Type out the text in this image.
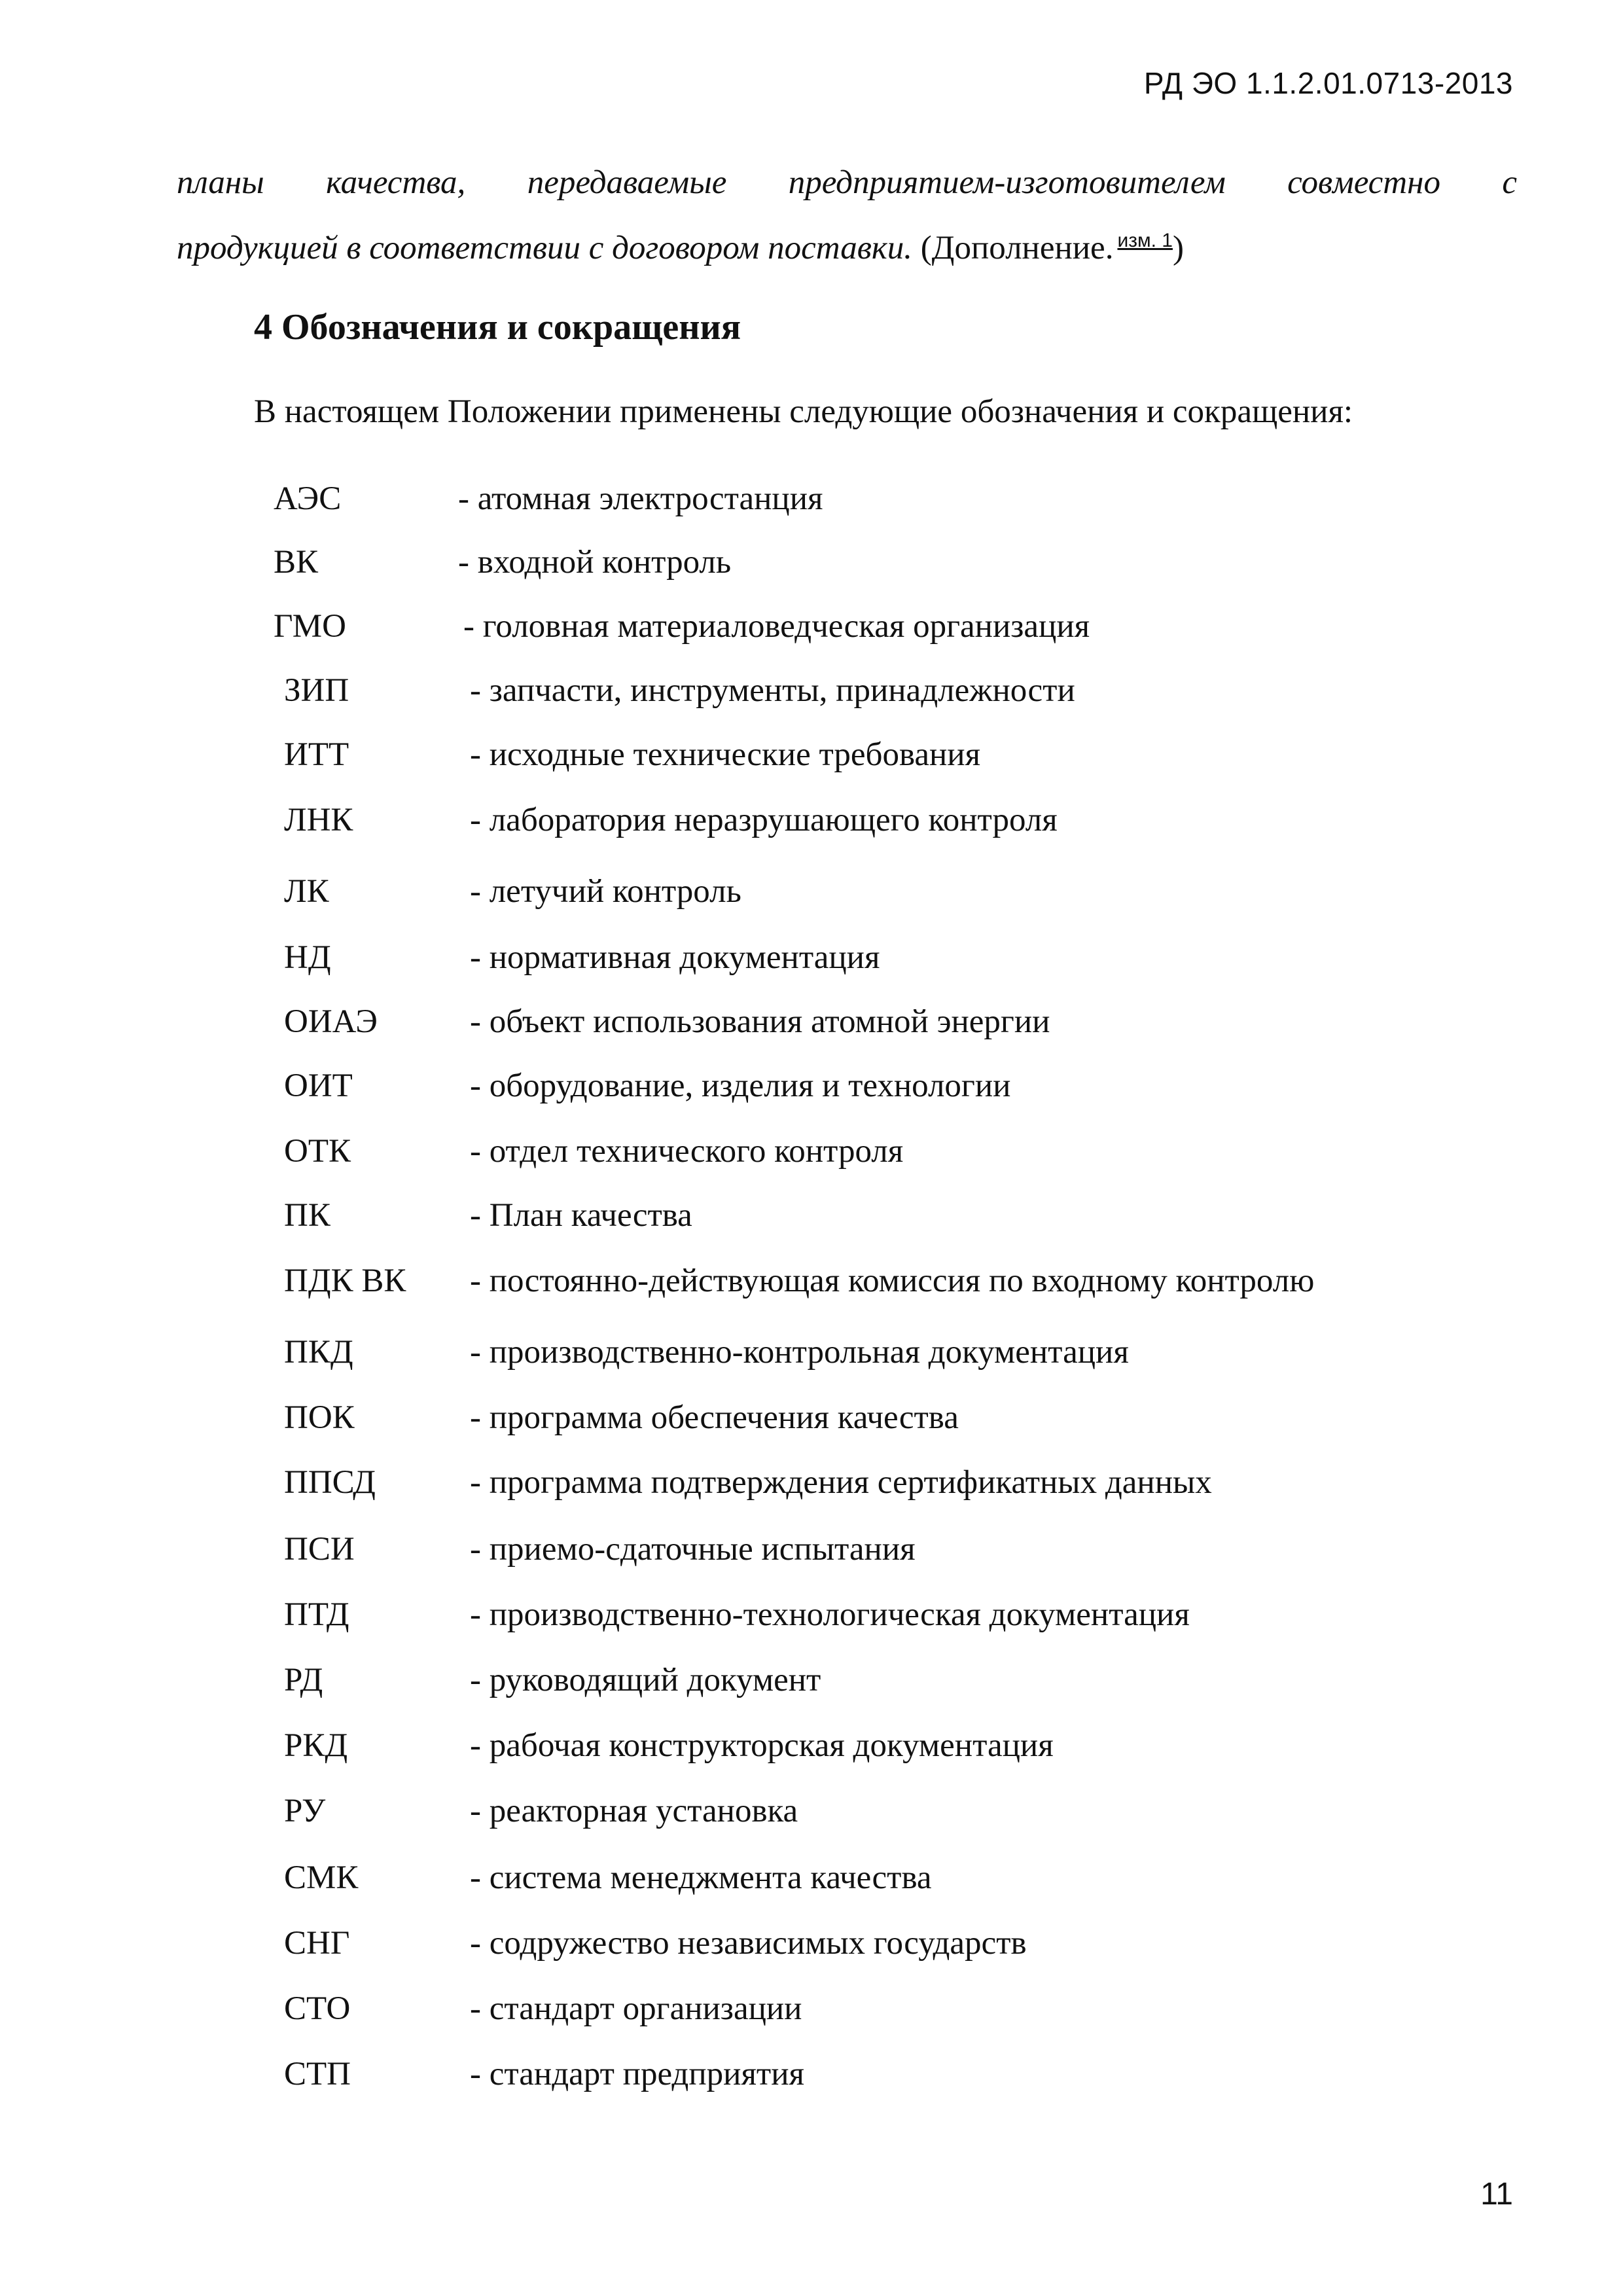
РД ЭО 1.1.2.01.0713-2013
планы качества, передаваемые предприятием-изготовителем совместно с
продукцией в соответствии с договором поставки. (Дополнение. $^{изм. 1}$)
4 Обозначения и сокращения

В настоящем Положении применены следующие обозначения и сокращения:

АЭС	- атомная электростанция
ВК	- входной контроль
ГМО	- головная материаловедческая организация
ЗИП	- запчасти, инструменты, принадлежности
ИТТ	- исходные технические требования
ЛНК	- лаборатория неразрушающего контроля
ЛК	- летучий контроль
НД	- нормативная документация
ОИАЭ	- объект использования атомной энергии
ОИТ	- оборудование, изделия и технологии
ОТК	- отдел технического контроля
ПК	- План качества
ПДК ВК - постоянно-действующая комиссия по входному контролю
ПКД	- производственно-контрольная документация
ПОК	- программа обеспечения качества
ППСД	- программа подтверждения сертификатных данных
ПСИ	- приемо-сдаточные испытания
ПТД	- производственно-технологическая документация
РД	- руководящий документ
РКД	- рабочая конструкторская документация
РУ	- реакторная установка
СМК	- система менеджмента качества
СНГ	- содружество независимых государств
СТО	- стандарт организации
СТП	- стандарт предприятия
11
